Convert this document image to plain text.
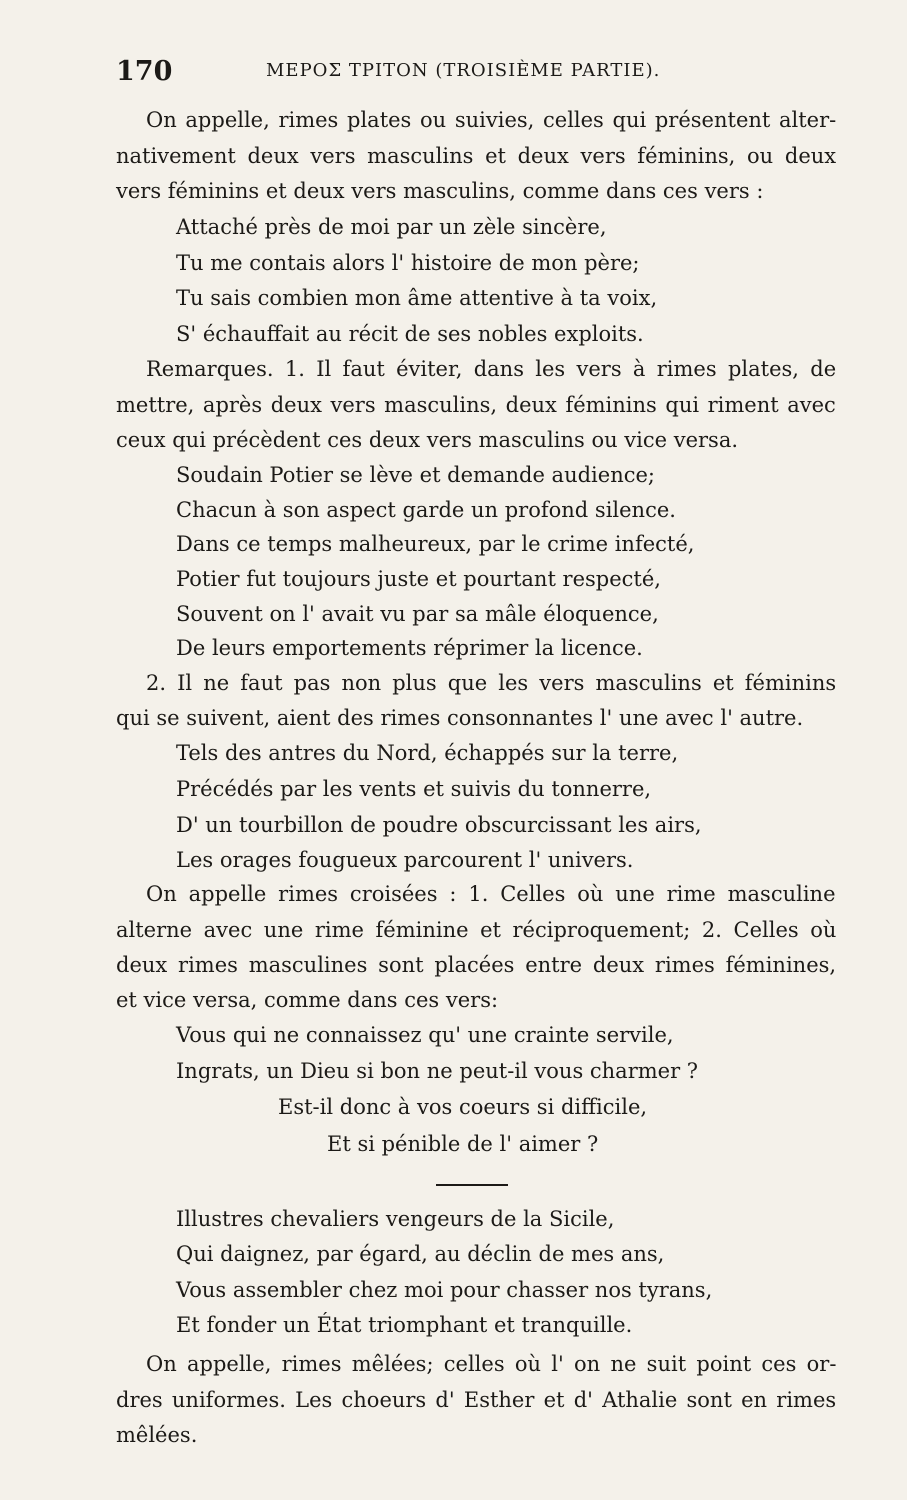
170	ΜΕΡΟΣ ΤΡΙΤΟΝ (TROISIÈME PARTIE).
On appelle, rimes plates ou suivies, celles qui présentent alter-
nativement deux vers masculins et deux vers féminins, ou deux
vers féminins et deux vers masculins, comme dans ces vers :
Attaché près de moi par un zèle sincère,
Tu me contais alors l' histoire de mon père;
Tu sais combien mon âme attentive à ta voix,
S' échauffait au récit de ses nobles exploits.
Remarques. 1. Il faut éviter, dans les vers à rimes plates, de
mettre, après deux vers masculins, deux féminins qui riment avec
ceux qui précèdent ces deux vers masculins ou vice versa.
Soudain Potier se lève et demande audience;
Chacun à son aspect garde un profond silence.
Dans ce temps malheureux, par le crime infecté,
Potier fut toujours juste et pourtant respecté,
Souvent on l' avait vu par sa mâle éloquence,
De leurs emportements réprimer la licence.
2. Il ne faut pas non plus que les vers masculins et féminins
qui se suivent, aient des rimes consonnantes l' une avec l' autre.
Tels des antres du Nord, échappés sur la terre,
Précédés par les vents et suivis du tonnerre,
D' un tourbillon de poudre obscurcissant les airs,
Les orages fougueux parcourent l' univers.
On appelle rimes croisées : 1. Celles où une rime masculine
alterne avec une rime féminine et réciproquement; 2. Celles où
deux rimes masculines sont placées entre deux rimes féminines,
et vice versa, comme dans ces vers:
Vous qui ne connaissez qu' une crainte servile,
Ingrats, un Dieu si bon ne peut-il vous charmer ?
Est-il donc à vos coeurs si difficile,
Et si pénible de l' aimer ?
Illustres chevaliers vengeurs de la Sicile,
Qui daignez, par égard, au déclin de mes ans,
Vous assembler chez moi pour chasser nos tyrans,
Et fonder un État triomphant et tranquille.
On appelle, rimes mêlées; celles où l' on ne suit point ces or-
dres uniformes. Les choeurs d' Esther et d' Athalie sont en rimes
mêlées.
